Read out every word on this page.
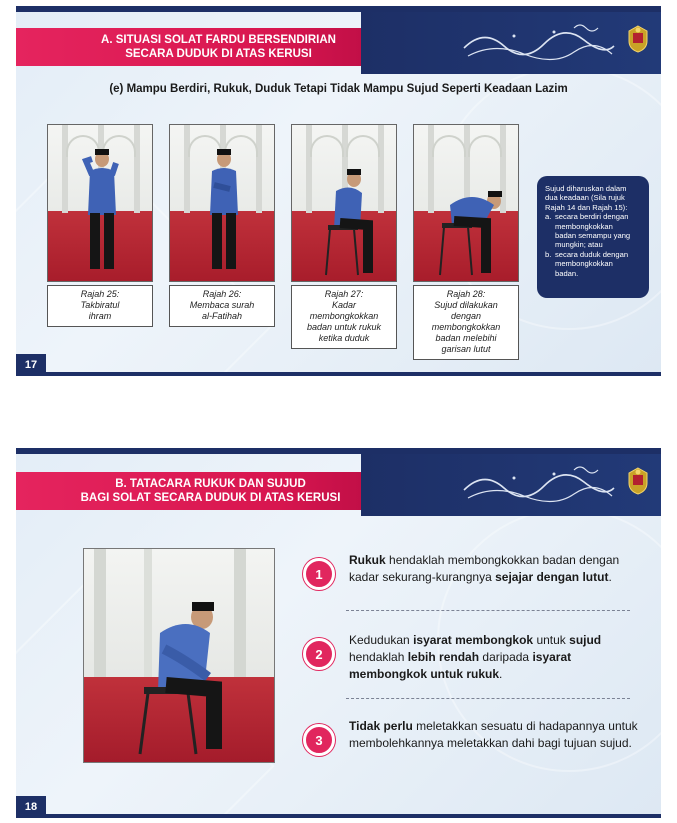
A. SITUASI SOLAT FARDU BERSENDIRIAN
SECARA DUDUK DI ATAS KERUSI
(e) Mampu Berdiri, Rukuk, Duduk Tetapi Tidak Mampu Sujud Seperti Keadaan Lazim
Rajah 25:
Takbiratul
ihram
Rajah 26:
Membaca surah
al-Fatihah
Rajah 27:
Kadar
membongkokkan
badan untuk rukuk
ketika duduk
Rajah 28:
Sujud dilakukan
dengan
membongkokkan
badan melebihi
garisan lutut
Sujud diharuskan dalam
dua keadaan (Sila rujuk
Rajah 14 dan Rajah 15):
a. secara berdiri dengan
membongkokkan
badan semampu yang
mungkin; atau
b. secara duduk dengan
membongkokkan
badan.
17
B. TATACARA RUKUK DAN SUJUD
BAGI SOLAT SECARA DUDUK DI ATAS KERUSI
1
Rukuk hendaklah membongkokkan badan dengan kadar sekurang-kurangnya sejajar dengan lutut.
2
Kedudukan isyarat membongkok untuk sujud hendaklah lebih rendah daripada isyarat membongkok untuk rukuk.
3
Tidak perlu meletakkan sesuatu di hadapannya untuk membolehkannya meletakkan dahi bagi tujuan sujud.
18
